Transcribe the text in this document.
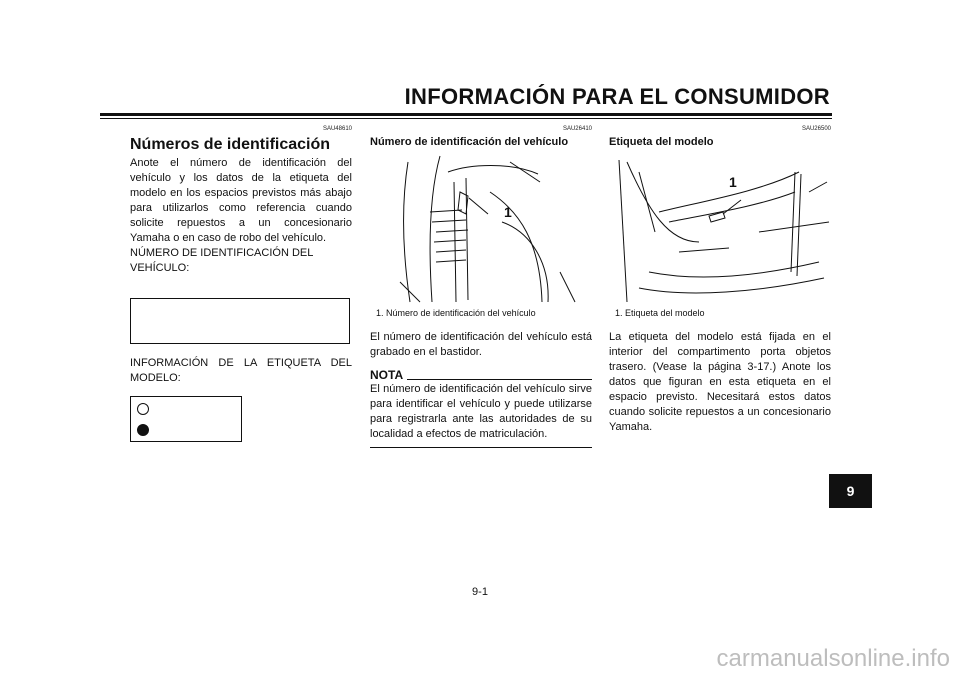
INFORMACIÓN PARA EL CONSUMIDOR
SAU48610
Números de identificación

Anote el número de identificación del vehículo y los datos de la etiqueta del modelo en los espacios previstos más abajo para utilizarlos como referencia cuando solicite repuestos a un concesionario Yamaha o en caso de robo del vehículo.

NÚMERO DE IDENTIFICACIÓN DEL VEHÍCULO:

INFORMACIÓN DE LA ETIQUETA DEL MODELO:

SAU26410
Número de identificación del vehículo
1
1. Número de identificación del vehículo

El número de identificación del vehículo está grabado en el bastidor.

NOTA

El número de identificación del vehículo sirve para identificar el vehículo y puede utilizarse para registrarla ante las autoridades de su localidad a efectos de matriculación.

SAU26500
Etiqueta del modelo
1
1. Etiqueta del modelo

La etiqueta del modelo está fijada en el interior del compartimento porta objetos trasero. (Vease la página 3-17.) Anote los datos que figuran en esta etiqueta en el espacio previsto. Necesitará estos datos cuando solicite repuestos a un concesionario Yamaha.

9
9-1
carmanualsonline.info
